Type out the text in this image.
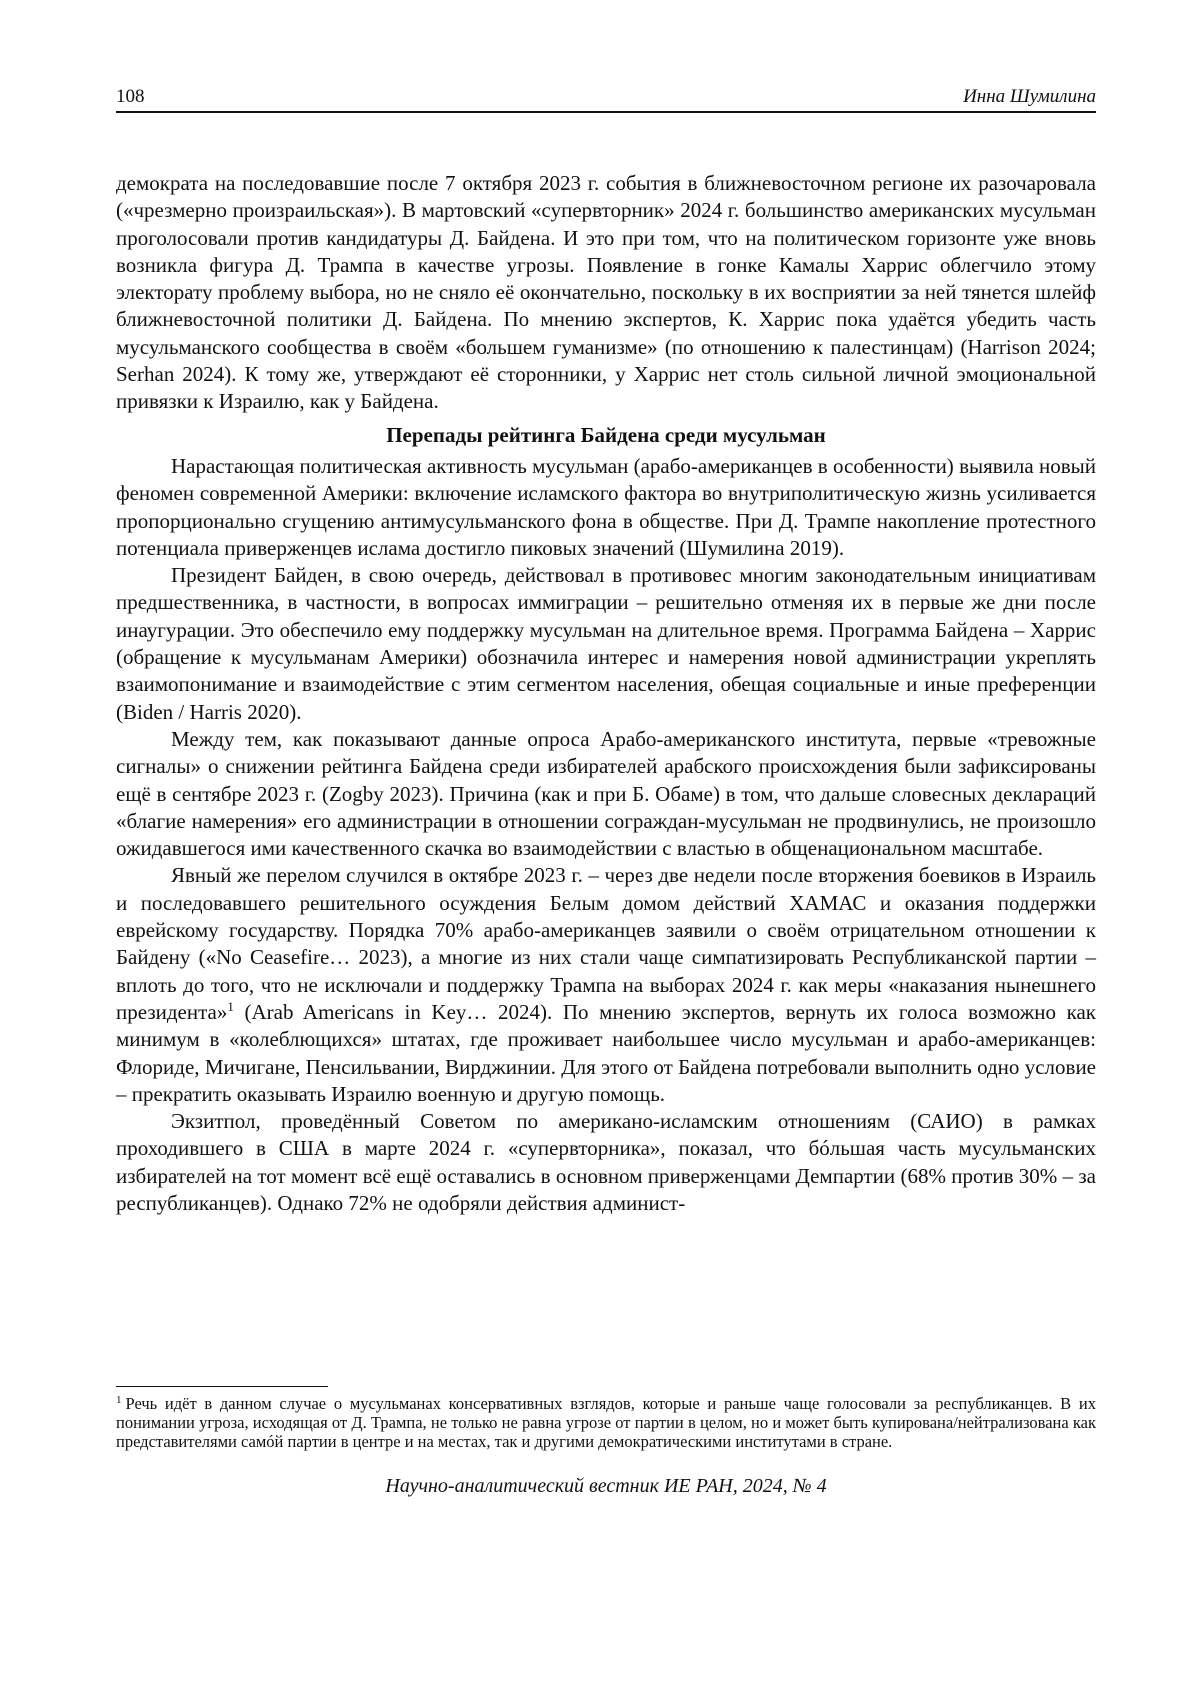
108	Инна Шумилина

демократа на последовавшие после 7 октября 2023 г. события в ближневосточном регионе их разочаровала («чрезмерно произраильская»). В мартовский «супервторник» 2024 г. большинство американских мусульман проголосовали против кандидатуры Д. Байдена. И это при том, что на политическом горизонте уже вновь возникла фигура Д. Трампа в качестве угрозы. Появление в гонке Камалы Харрис облегчило этому электорату проблему выбора, но не сняло её окончательно, поскольку в их восприятии за ней тянется шлейф ближневосточной политики Д. Байдена. По мнению экспертов, К. Харрис пока удаётся убедить часть мусульманского сообщества в своём «большем гуманизме» (по отношению к палестинцам) (Harrison 2024; Serhan 2024). К тому же, утверждают её сторонники, у Харрис нет столь сильной личной эмоциональной привязки к Израилю, как у Байдена.

Перепады рейтинга Байдена среди мусульман

Нарастающая политическая активность мусульман (арабо-американцев в особенности) выявила новый феномен современной Америки: включение исламского фактора во внутриполитическую жизнь усиливается пропорционально сгущению антимусульманского фона в обществе. При Д. Трампе накопление протестного потенциала приверженцев ислама достигло пиковых значений (Шумилина 2019).

Президент Байден, в свою очередь, действовал в противовес многим законодательным инициативам предшественника, в частности, в вопросах иммиграции – решительно отменяя их в первые же дни после инаугурации. Это обеспечило ему поддержку мусульман на длительное время. Программа Байдена – Харрис (обращение к мусульманам Америки) обозначила интерес и намерения новой администрации укреплять взаимопонимание и взаимодействие с этим сегментом населения, обещая социальные и иные преференции (Biden / Harris 2020).

Между тем, как показывают данные опроса Арабо-американского института, первые «тревожные сигналы» о снижении рейтинга Байдена среди избирателей арабского происхождения были зафиксированы ещё в сентябре 2023 г. (Zogby 2023). Причина (как и при Б. Обаме) в том, что дальше словесных деклараций «благие намерения» его администрации в отношении сограждан-мусульман не продвинулись, не произошло ожидавшегося ими качественного скачка во взаимодействии с властью в общенациональном масштабе.

Явный же перелом случился в октябре 2023 г. – через две недели после вторжения боевиков в Израиль и последовавшего решительного осуждения Белым домом действий ХАМАС и оказания поддержки еврейскому государству. Порядка 70% арабо-американцев заявили о своём отрицательном отношении к Байдену («No Ceasefire… 2023), а многие из них стали чаще симпатизировать Республиканской партии – вплоть до того, что не исключали и поддержку Трампа на выборах 2024 г. как меры «наказания нынешнего президента»$^1$ (Arab Americans in Key… 2024). По мнению экспертов, вернуть их голоса возможно как минимум в «колеблющихся» штатах, где проживает наибольшее число мусульман и арабо-американцев: Флориде, Мичигане, Пенсильвании, Вирджинии. Для этого от Байдена потребовали выполнить одно условие – прекратить оказывать Израилю военную и другую помощь.

Экзитпол, проведённый Советом по американо-исламским отношениям (САИО) в рамках проходившего в США в марте 2024 г. «супервторника», показал, что бóльшая часть мусульманских избирателей на тот момент всё ещё оставались в основном приверженцами Демпартии (68% против 30% – за республиканцев). Однако 72% не одобряли действия админист-

$^1$ Речь идёт в данном случае о мусульманах консервативных взглядов, которые и раньше чаще голосовали за республиканцев. В их понимании угроза, исходящая от Д. Трампа, не только не равна угрозе от партии в целом, но и может быть купирована/нейтрализована как представителями самóй партии в центре и на местах, так и другими демократическими институтами в стране.
Научно-аналитический вестник ИЕ РАН, 2024, № 4
